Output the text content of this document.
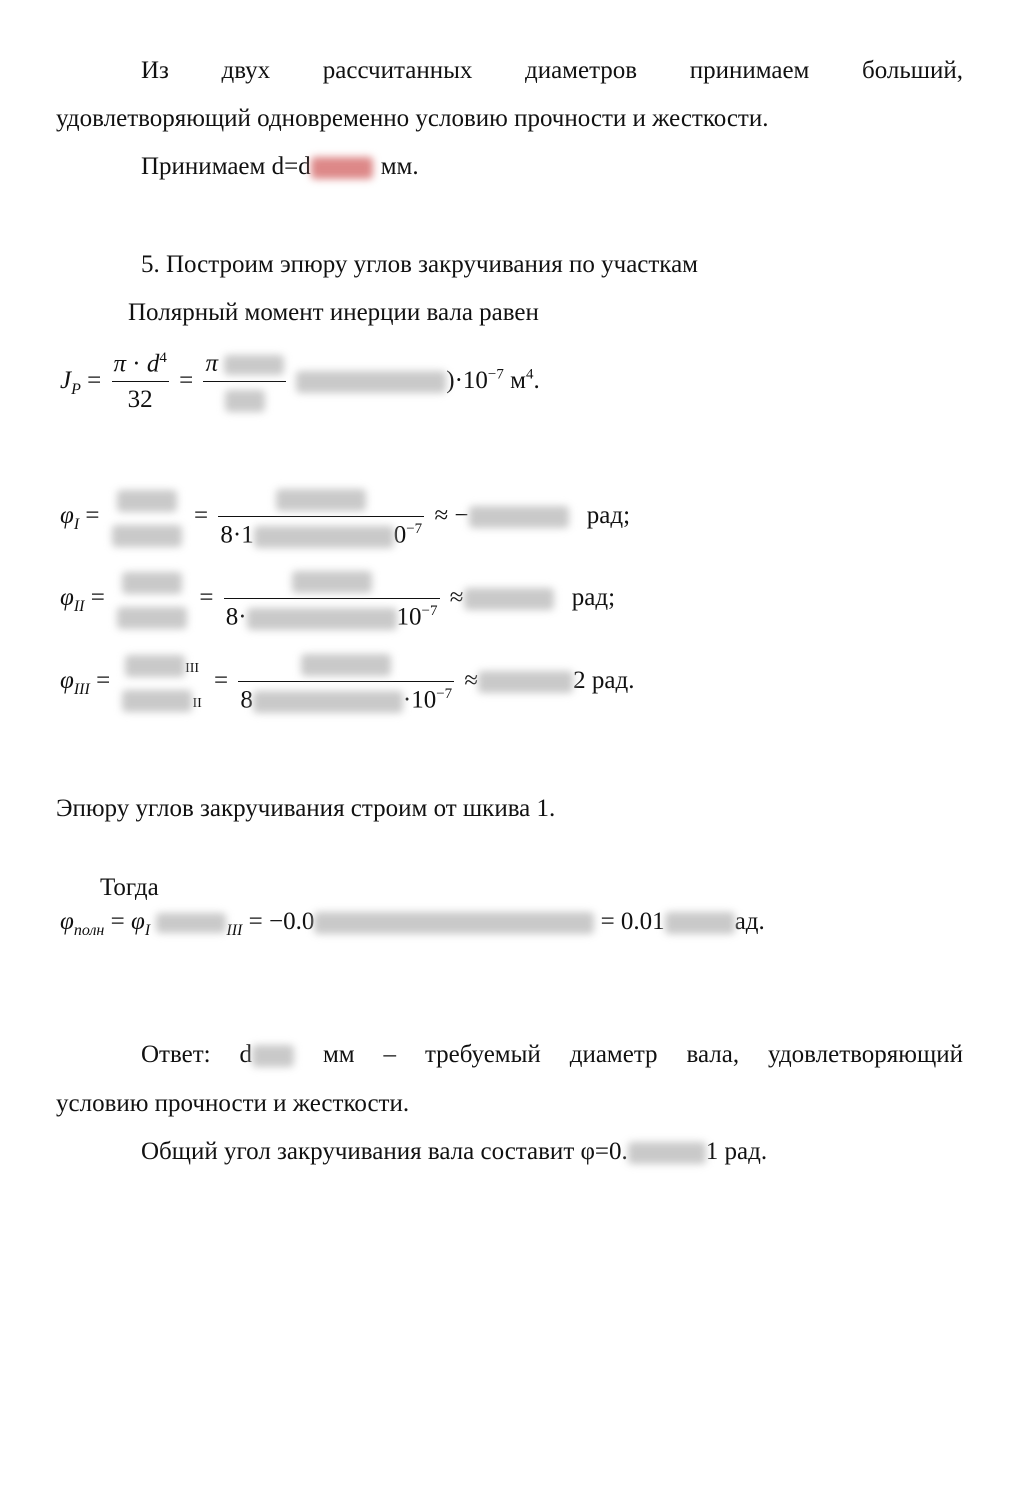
Из двух рассчитанных диаметров принимаем больший,
удовлетворяющий одновременно условию прочности и жесткости.
Принимаем d=d	мм.
5. Построим эпюру углов закручивания по участкам
Полярный момент инерции вала равен
$J_P = \frac{\pi \cdot d^4}{32}$ =
π
)$\cdot 10^{-7}$ $м^4$.
$\varphi_I$ =	=
8·1	$0^{-7}$
≈ −	рад;
$\varphi_{II}$ =	=
8·	$10^{-7}$
≈	рад;
$\varphi_{III}$ =	III
II
=
8	$\cdot 10^{-7}$
≈	2 рад.
Эпюру углов закручивания строим от шкива 1.
Тогда
$\varphi_{полн} = \varphi_I$	$_{III}$ = −0.0	= 0.01	ад.
Ответ: d	мм – требуемый диаметр вала, удовлетворяющий
условию прочности и жесткости.
Общий угол закручивания вала составит φ=0.	1 рад.
